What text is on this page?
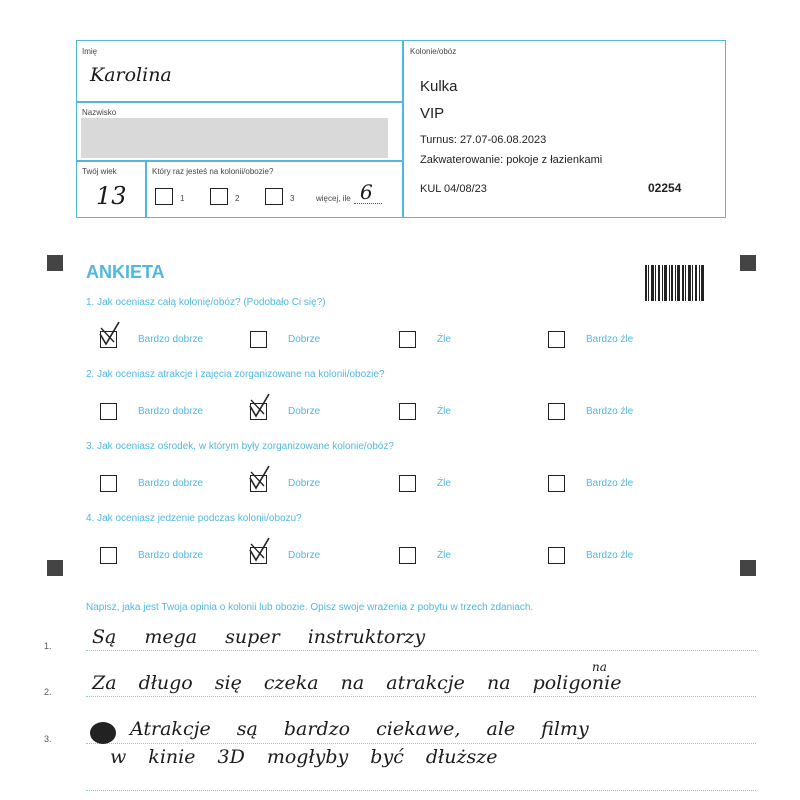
Imię
Karolina
Nazwisko
Twój wiek
13
Który raz jesteś na kolonii/obozie?
1	2	3	więcej, ile 6
Kolonie/obóz
Kulka
VIP
Turnus: 27.07-06.08.2023
Zakwaterowanie: pokoje z łazienkami
KUL 04/08/23	02254
ANKIETA
1. Jak oceniasz całą kolonię/obóz? (Podobało Ci się?)
Bardzo dobrze	Dobrze	Źle	Bardzo źle
2. Jak oceniasz atrakcje i zajęcia zorganizowane na kolonii/obozie?
Bardzo dobrze	Dobrze	Źle	Bardzo źle
3. Jak oceniasz ośrodek, w którym były zorganizowane kolonie/obóz?
Bardzo dobrze	Dobrze	Źle	Bardzo źle
4. Jak oceniasz jedzenie podczas kolonii/obozu?
Bardzo dobrze	Dobrze	Źle	Bardzo źle
Napisz, jaka jest Twoja opinia o kolonii lub obozie. Opisz swoje wrażenia z pobytu w trzech zdaniach.
1.
2.
3.
Są mega super instruktorzy
Za długo się czeka na atrakcje na poligonie
na
Atrakcje są bardzo ciekawe, ale filmy
w kinie 3D mogłyby być dłuższe
